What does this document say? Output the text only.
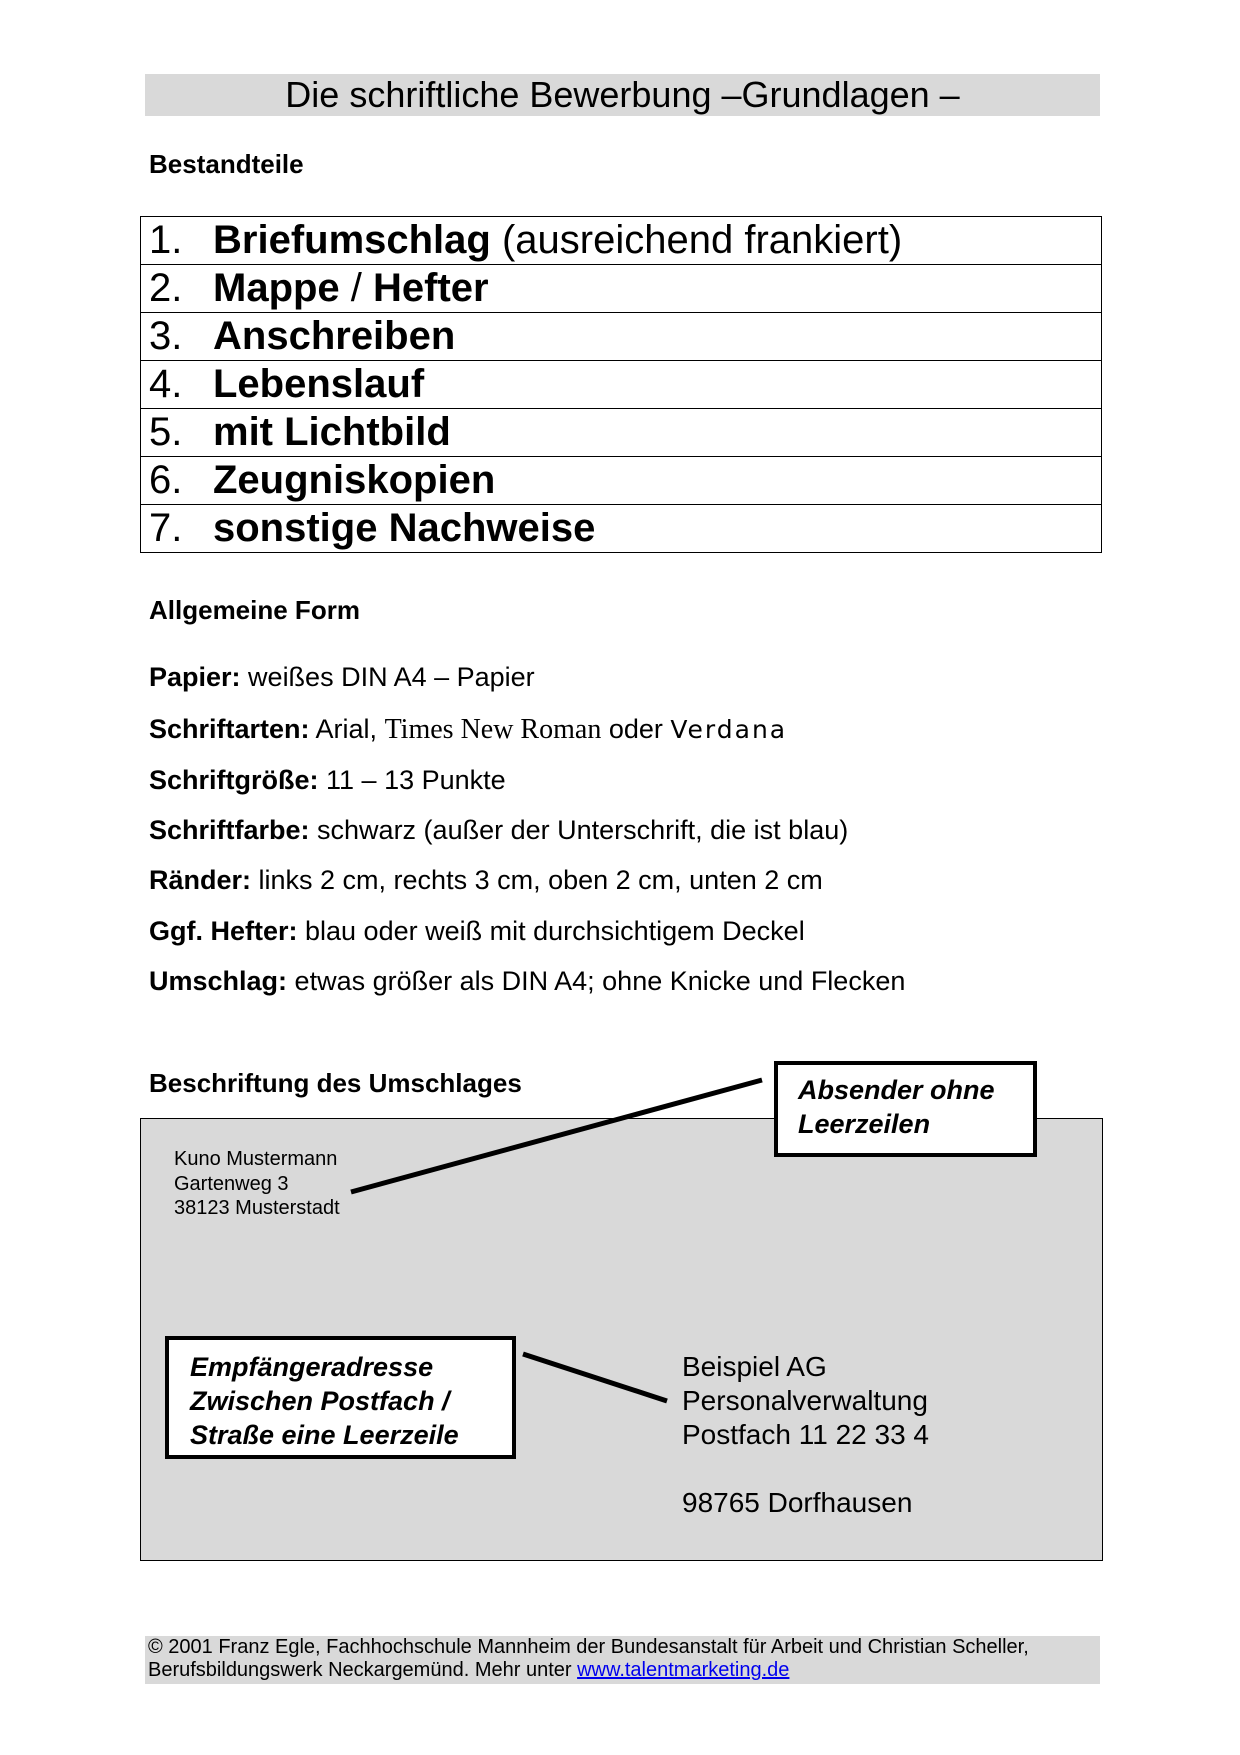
Die schriftliche Bewerbung –Grundlagen –
Bestandteile
1. Briefumschlag (ausreichend frankiert)
2. Mappe / Hefter
3. Anschreiben
4. Lebenslauf
5. mit Lichtbild
6. Zeugniskopien
7. sonstige Nachweise
Allgemeine Form
Papier: weißes DIN A4 – Papier
Schriftarten: Arial, Times New Roman oder Verdana
Schriftgröße: 11 – 13 Punkte
Schriftfarbe: schwarz (außer der Unterschrift, die ist blau)
Ränder: links 2 cm, rechts 3 cm, oben 2 cm, unten 2 cm
Ggf. Hefter: blau oder weiß mit durchsichtigem Deckel
Umschlag: etwas größer als DIN A4; ohne Knicke und Flecken
Beschriftung des Umschlages
Kuno Mustermann
Gartenweg 3
38123 Musterstadt
Beispiel AG
Personalverwaltung
Postfach 11 22 33 4
98765 Dorfhausen
Absender ohne
Leerzeilen
Empfängeradresse
Zwischen Postfach /
Straße eine Leerzeile
© 2001 Franz Egle, Fachhochschule Mannheim der Bundesanstalt für Arbeit und Christian Scheller,
Berufsbildungswerk Neckargemünd. Mehr unter www.talentmarketing.de
